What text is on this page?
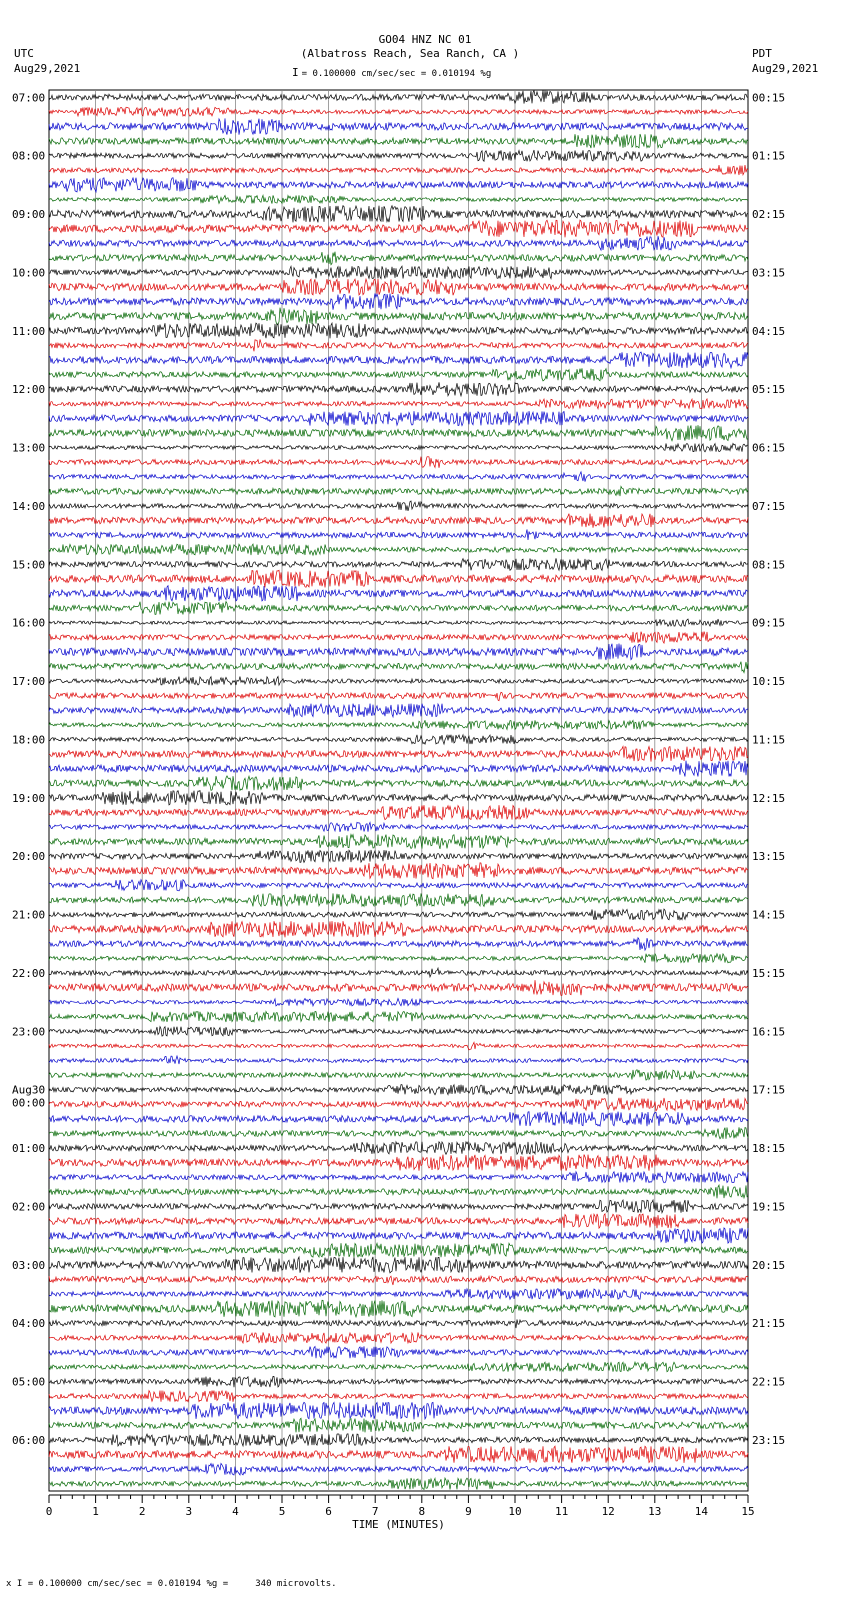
GO04 HNZ NC 01
(Albatross Reach, Sea Ranch, CA )
UTC
Aug29,2021
PDT
Aug29,2021
I = 0.100000 cm/sec/sec = 0.010194 %g
x I = 0.100000 cm/sec/sec = 0.010194 %g =     340 microvolts.
07:00
08:00
09:00
10:00
11:00
12:00
13:00
14:00
15:00
16:00
17:00
18:00
19:00
20:00
21:00
22:00
23:00
Aug30
00:00
01:00
02:00
03:00
04:00
05:00
06:00
00:15
01:15
02:15
03:15
04:15
05:15
06:15
07:15
08:15
09:15
10:15
11:15
12:15
13:15
14:15
15:15
16:15
17:15
18:15
19:15
20:15
21:15
22:15
23:15
0	1	2	3	4	5	6	7	8	9	10	11	12	13	14	15
TIME (MINUTES)
